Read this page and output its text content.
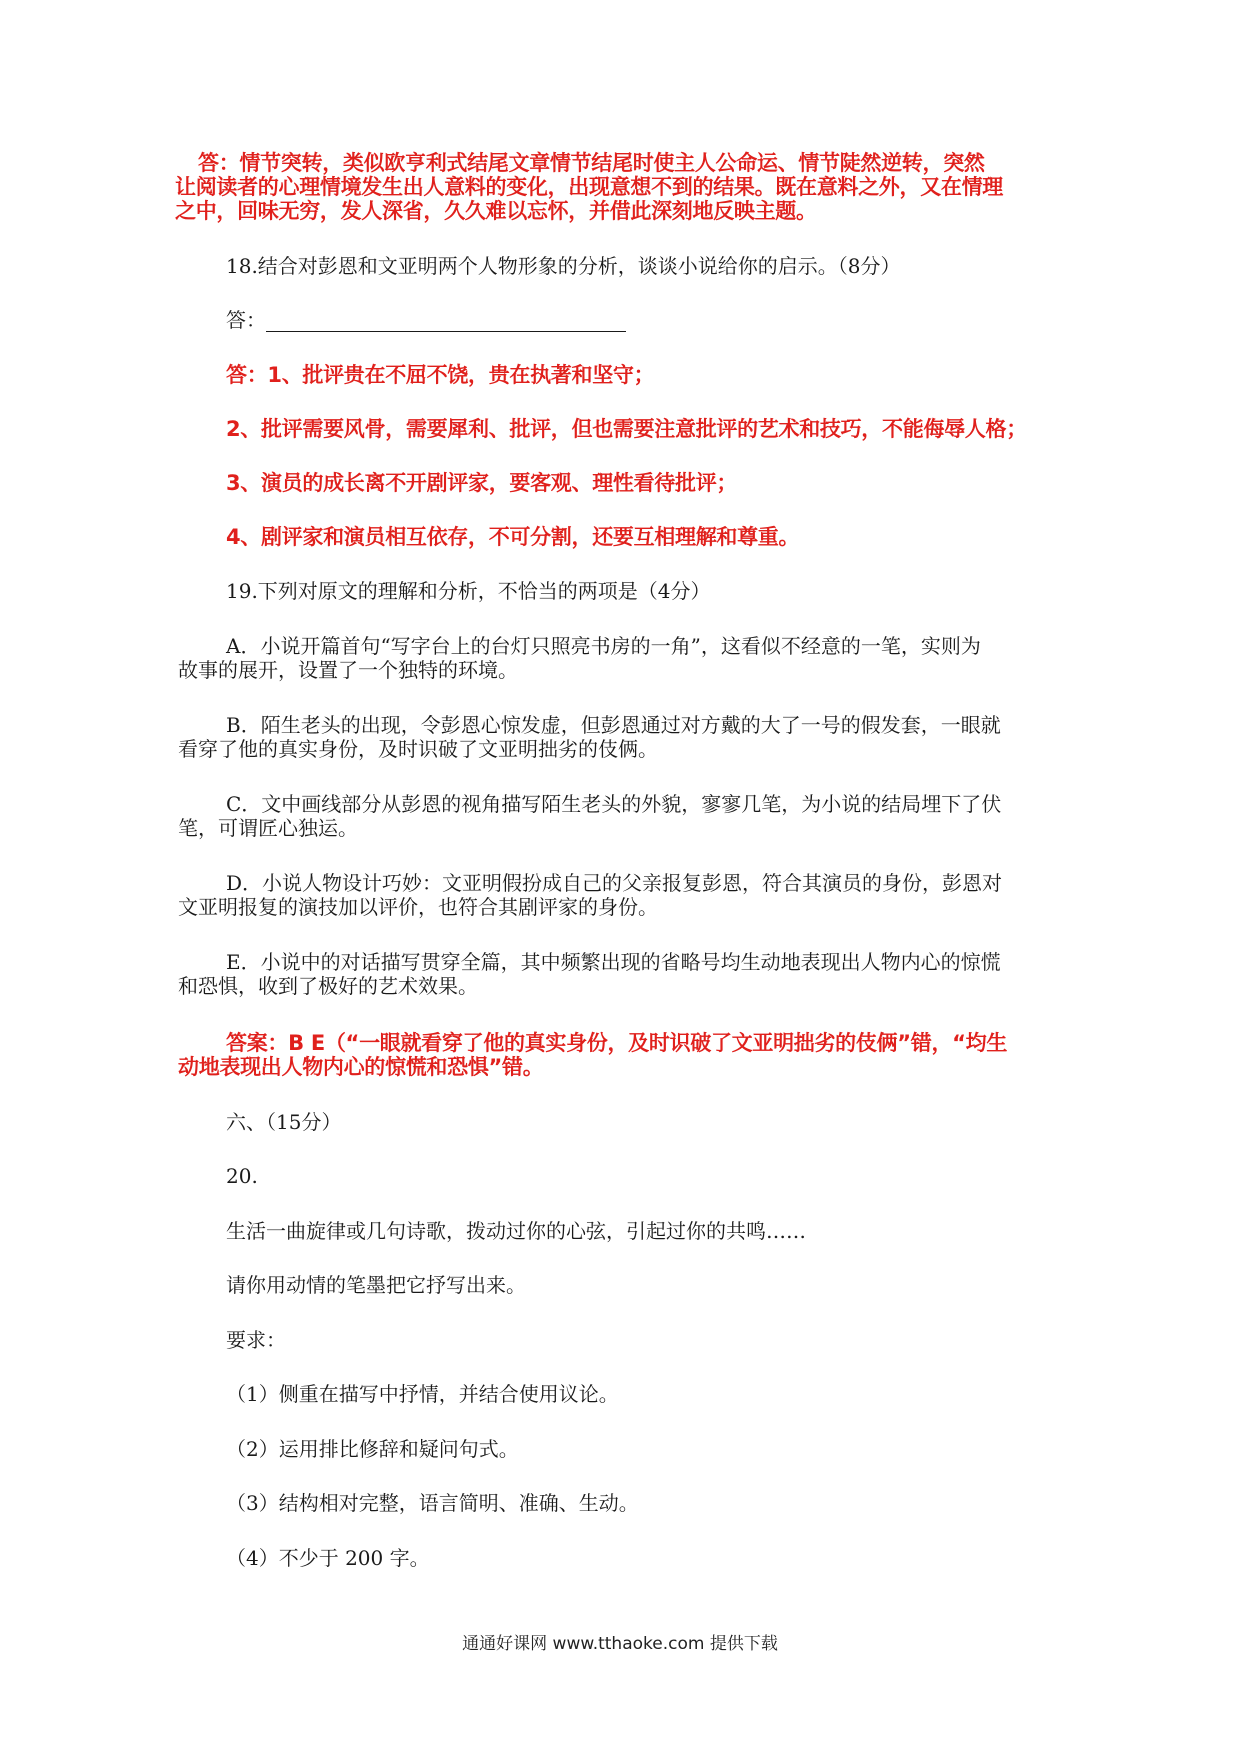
答：情节突转，类似欧亨利式结尾文章情节结尾时使主人公命运、情节陡然逆转，突然

让阅读者的心理情境发生出人意料的变化，出现意想不到的结果。既在意料之外，又在情理

之中，回味无穷，发人深省，久久难以忘怀，并借此深刻地反映主题。

18.结合对彭恩和文亚明两个人物形象的分析，谈谈小说给你的启示。（8分）

答：

答：1、批评贵在不屈不饶，贵在执著和坚守；

2、批评需要风骨，需要犀利、批评，但也需要注意批评的艺术和技巧，不能侮辱人格；

3、演员的成长离不开剧评家，要客观、理性看待批评；

4、剧评家和演员相互依存，不可分割，还要互相理解和尊重。

19.下列对原文的理解和分析，不恰当的两项是（4分）

A．小说开篇首句“写字台上的台灯只照亮书房的一角”，这看似不经意的一笔，实则为

故事的展开，设置了一个独特的环境。

B．陌生老头的出现，令彭恩心惊发虚，但彭恩通过对方戴的大了一号的假发套，一眼就

看穿了他的真实身份，及时识破了文亚明拙劣的伎俩。

C．文中画线部分从彭恩的视角描写陌生老头的外貌，寥寥几笔，为小说的结局埋下了伏

笔，可谓匠心独运。

D．小说人物设计巧妙：文亚明假扮成自己的父亲报复彭恩，符合其演员的身份，彭恩对

文亚明报复的演技加以评价，也符合其剧评家的身份。

E．小说中的对话描写贯穿全篇，其中频繁出现的省略号均生动地表现出人物内心的惊慌

和恐惧，收到了极好的艺术效果。

答案：B E（“一眼就看穿了他的真实身份，及时识破了文亚明拙劣的伎俩”错，“均生

动地表现出人物内心的惊慌和恐惧”错。

六、（15分）

20.

生活一曲旋律或几句诗歌，拨动过你的心弦，引起过你的共鸣……

请你用动情的笔墨把它抒写出来。

要求：

（1）侧重在描写中抒情，并结合使用议论。

（2）运用排比修辞和疑问句式。

（3）结构相对完整，语言简明、准确、生动。

（4）不少于 200 字。

通通好课网 www.tthaoke.com 提供下载
